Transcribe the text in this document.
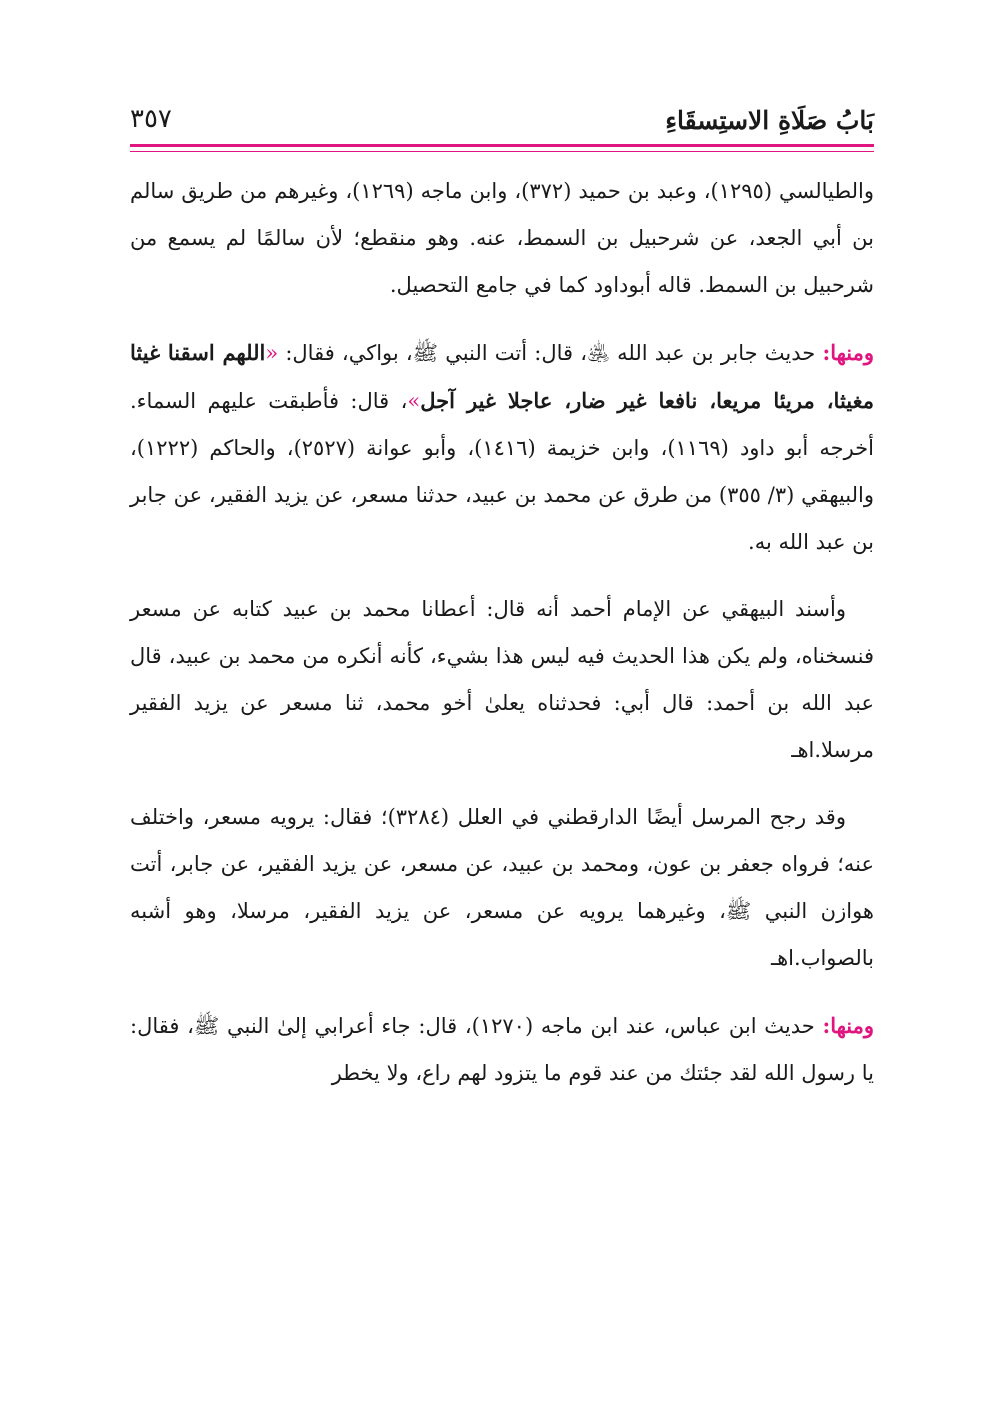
بَابُ صَلَاةِ الاستِسقَاءِ
٣٥٧

والطيالسي (١٢٩٥)، وعبد بن حميد (٣٧٢)، وابن ماجه (١٢٦٩)، وغيرهم من طريق سالم بن أبي الجعد، عن شرحبيل بن السمط، عنه. وهو منقطع؛ لأن سالمًا لم يسمع من شرحبيل بن السمط. قاله أبوداود كما في جامع التحصيل.

ومنها: حديث جابر بن عبد الله ﵁، قال: أتت النبي ﷺ، بواكي، فقال: «اللهم اسقنا غيثا مغيثا، مريئا مريعا، نافعا غير ضار، عاجلا غير آجل»، قال: فأطبقت عليهم السماء. أخرجه أبو داود (١١٦٩)، وابن خزيمة (١٤١٦)، وأبو عوانة (٢٥٢٧)، والحاكم (١٢٢٢)، والبيهقي (٣/ ٣٥٥) من طرق عن محمد بن عبيد، حدثنا مسعر، عن يزيد الفقير، عن جابر بن عبد الله به.

وأسند البيهقي عن الإمام أحمد أنه قال: أعطانا محمد بن عبيد كتابه عن مسعر فنسخناه، ولم يكن هذا الحديث فيه ليس هذا بشيء، كأنه أنكره من محمد بن عبيد، قال عبد الله بن أحمد: قال أبي: فحدثناه يعلىٰ أخو محمد، ثنا مسعر عن يزيد الفقير مرسلا.اهـ

وقد رجح المرسل أيضًا الدارقطني في العلل (٣٢٨٤)؛ فقال: يرويه مسعر، واختلف عنه؛ فرواه جعفر بن عون، ومحمد بن عبيد، عن مسعر، عن يزيد الفقير، عن جابر، أتت هوازن النبي ﷺ، وغيرهما يرويه عن مسعر، عن يزيد الفقير، مرسلا، وهو أشبه بالصواب.اهـ

ومنها: حديث ابن عباس، عند ابن ماجه (١٢٧٠)، قال: جاء أعرابي إلىٰ النبي ﷺ، فقال: يا رسول الله لقد جئتك من عند قوم ما يتزود لهم راع، ولا يخطر
